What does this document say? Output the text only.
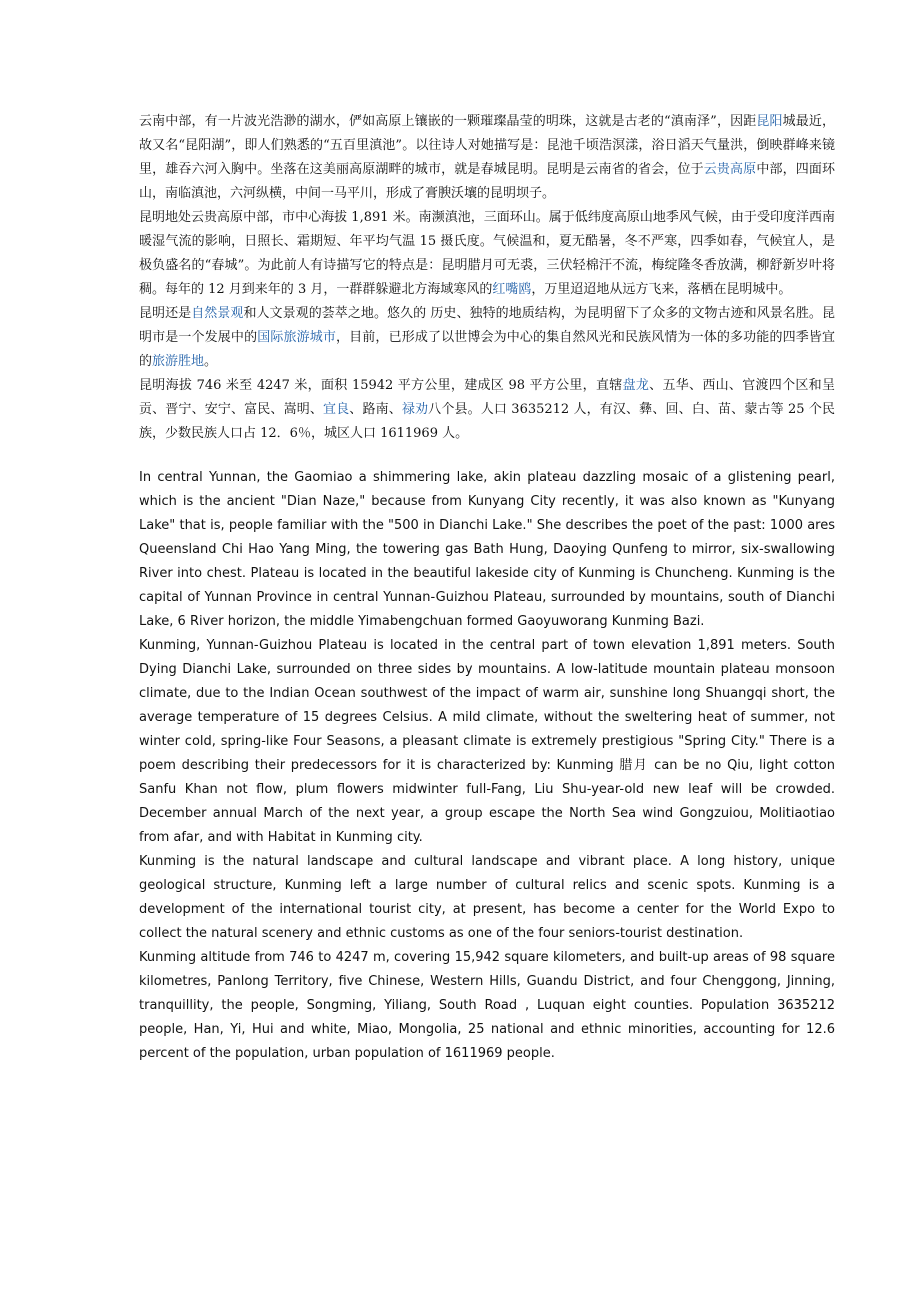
云南中部，有一片波光浩渺的湖水，俨如高原上镶嵌的一颗璀璨晶莹的明珠，这就是古老的“滇南泽”，因距昆阳城最近，故又名“昆阳湖”，即人们熟悉的“五百里滇池”。以往诗人对她描写是：昆池千顷浩溟漾，浴日滔天气量洪，倒映群峰来镜里，雄吞六河入胸中。坐落在这美丽高原湖畔的城市，就是春城昆明。昆明是云南省的省会，位于云贵高原中部，四面环山，南临滇池，六河纵横，中间一马平川，形成了膏腴沃壤的昆明坝子。

昆明地处云贵高原中部，市中心海拔 1,891 米。南濒滇池，三面环山。属于低纬度高原山地季风气候，由于受印度洋西南暖湿气流的影响，日照长、霜期短、年平均气温 15 摄氏度。气候温和，夏无酷暑，冬不严寒，四季如春，气候宜人，是极负盛名的“春城”。为此前人有诗描写它的特点是：昆明腊月可无裘，三伏轻棉汗不流，梅绽隆冬香放满，柳舒新岁叶将稠。每年的 12 月到来年的 3 月，一群群躲避北方海域寒风的红嘴鸥，万里迢迢地从远方飞来，落栖在昆明城中。

昆明还是自然景观和人文景观的荟萃之地。悠久的 历史、独特的地质结构，为昆明留下了众多的文物古迹和风景名胜。昆明市是一个发展中的国际旅游城市，目前，已形成了以世博会为中心的集自然风光和民族风情为一体的多功能的四季皆宜的旅游胜地。

昆明海拔 746 米至 4247 米，面积 15942 平方公里，建成区 98 平方公里，直辖盘龙、五华、西山、官渡四个区和呈贡、晋宁、安宁、富民、嵩明、宜良、路南、禄劝八个县。人口 3635212 人，有汉、彝、回、白、苗、蒙古等 25 个民族，少数民族人口占 12．6％，城区人口 1611969 人。

In central Yunnan, the Gaomiao a shimmering lake, akin plateau dazzling mosaic of a glistening pearl, which is the ancient "Dian Naze," because from Kunyang City recently, it was also known as "Kunyang Lake" that is, people familiar with the "500 in Dianchi Lake." She describes the poet of the past: 1000 ares Queensland Chi Hao Yang Ming, the towering gas Bath Hung, Daoying Qunfeng to mirror, six-swallowing River into chest. Plateau is located in the beautiful lakeside city of Kunming is Chuncheng. Kunming is the capital of Yunnan Province in central Yunnan-Guizhou Plateau, surrounded by mountains, south of Dianchi Lake, 6 River horizon, the middle Yimabengchuan formed Gaoyuworang Kunming Bazi.

Kunming, Yunnan-Guizhou Plateau is located in the central part of town elevation 1,891 meters. South Dying Dianchi Lake, surrounded on three sides by mountains. A low-latitude mountain plateau monsoon climate, due to the Indian Ocean southwest of the impact of warm air, sunshine long Shuangqi short, the average temperature of 15 degrees Celsius. A mild climate, without the sweltering heat of summer, not winter cold, spring-like Four Seasons, a pleasant climate is extremely prestigious "Spring City." There is a poem describing their predecessors for it is characterized by: Kunming 腊月 can be no Qiu, light cotton Sanfu Khan not flow, plum flowers midwinter full-Fang, Liu Shu-year-old new leaf will be crowded. December annual March of the next year, a group escape the North Sea wind Gongzuiou, Molitiaotiao from afar, and with Habitat in Kunming city.

Kunming is the natural landscape and cultural landscape and vibrant place. A long history, unique geological structure, Kunming left a large number of cultural relics and scenic spots. Kunming is a development of the international tourist city, at present, has become a center for the World Expo to collect the natural scenery and ethnic customs as one of the four seniors-tourist destination.

Kunming altitude from 746 to 4247 m, covering 15,942 square kilometers, and built-up areas of 98 square kilometres, Panlong Territory, five Chinese, Western Hills, Guandu District, and four Chenggong, Jinning, tranquillity, the people, Songming, Yiliang, South Road , Luquan eight counties. Population 3635212 people, Han, Yi, Hui and white, Miao, Mongolia, 25 national and ethnic minorities, accounting for 12.6 percent of the population, urban population of 1611969 people.
